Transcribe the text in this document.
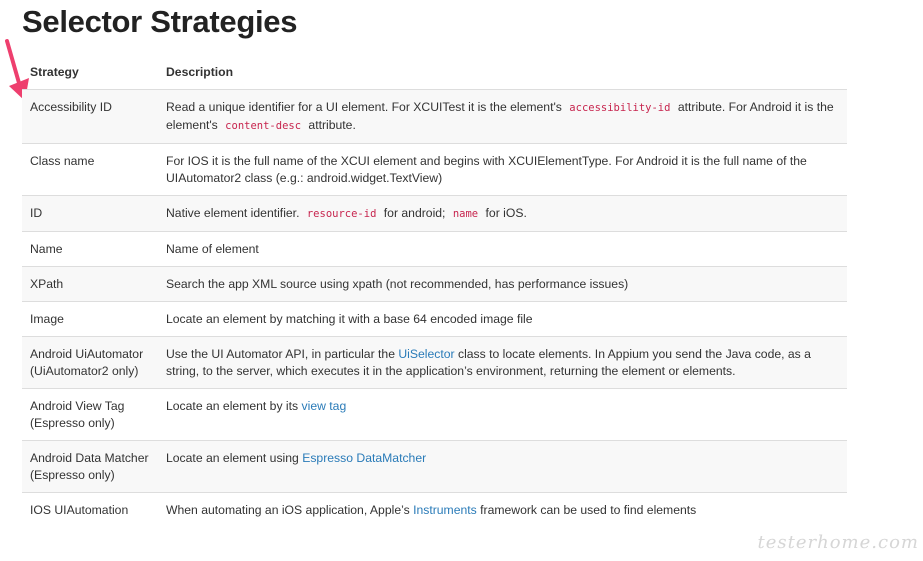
Selector Strategies
Strategy	Description
Accessibility ID	Read a unique identifier for a UI element. For XCUITest it is the element's accessibility-id attribute. For Android it is the element's content-desc attribute.
Class name	For IOS it is the full name of the XCUI element and begins with XCUIElementType. For Android it is the full name of the UIAutomator2 class (e.g.: android.widget.TextView)
ID	Native element identifier. resource-id for android; name for iOS.
Name	Name of element
XPath	Search the app XML source using xpath (not recommended, has performance issues)
Image	Locate an element by matching it with a base 64 encoded image file
Android UiAutomator (UiAutomator2 only)	Use the UI Automator API, in particular the UiSelector class to locate elements. In Appium you send the Java code, as a string, to the server, which executes it in the application’s environment, returning the element or elements.
Android View Tag (Espresso only)	Locate an element by its view tag
Android Data Matcher (Espresso only)	Locate an element using Espresso DataMatcher
IOS UIAutomation	When automating an iOS application, Apple’s Instruments framework can be used to find elements
testerhome.com
